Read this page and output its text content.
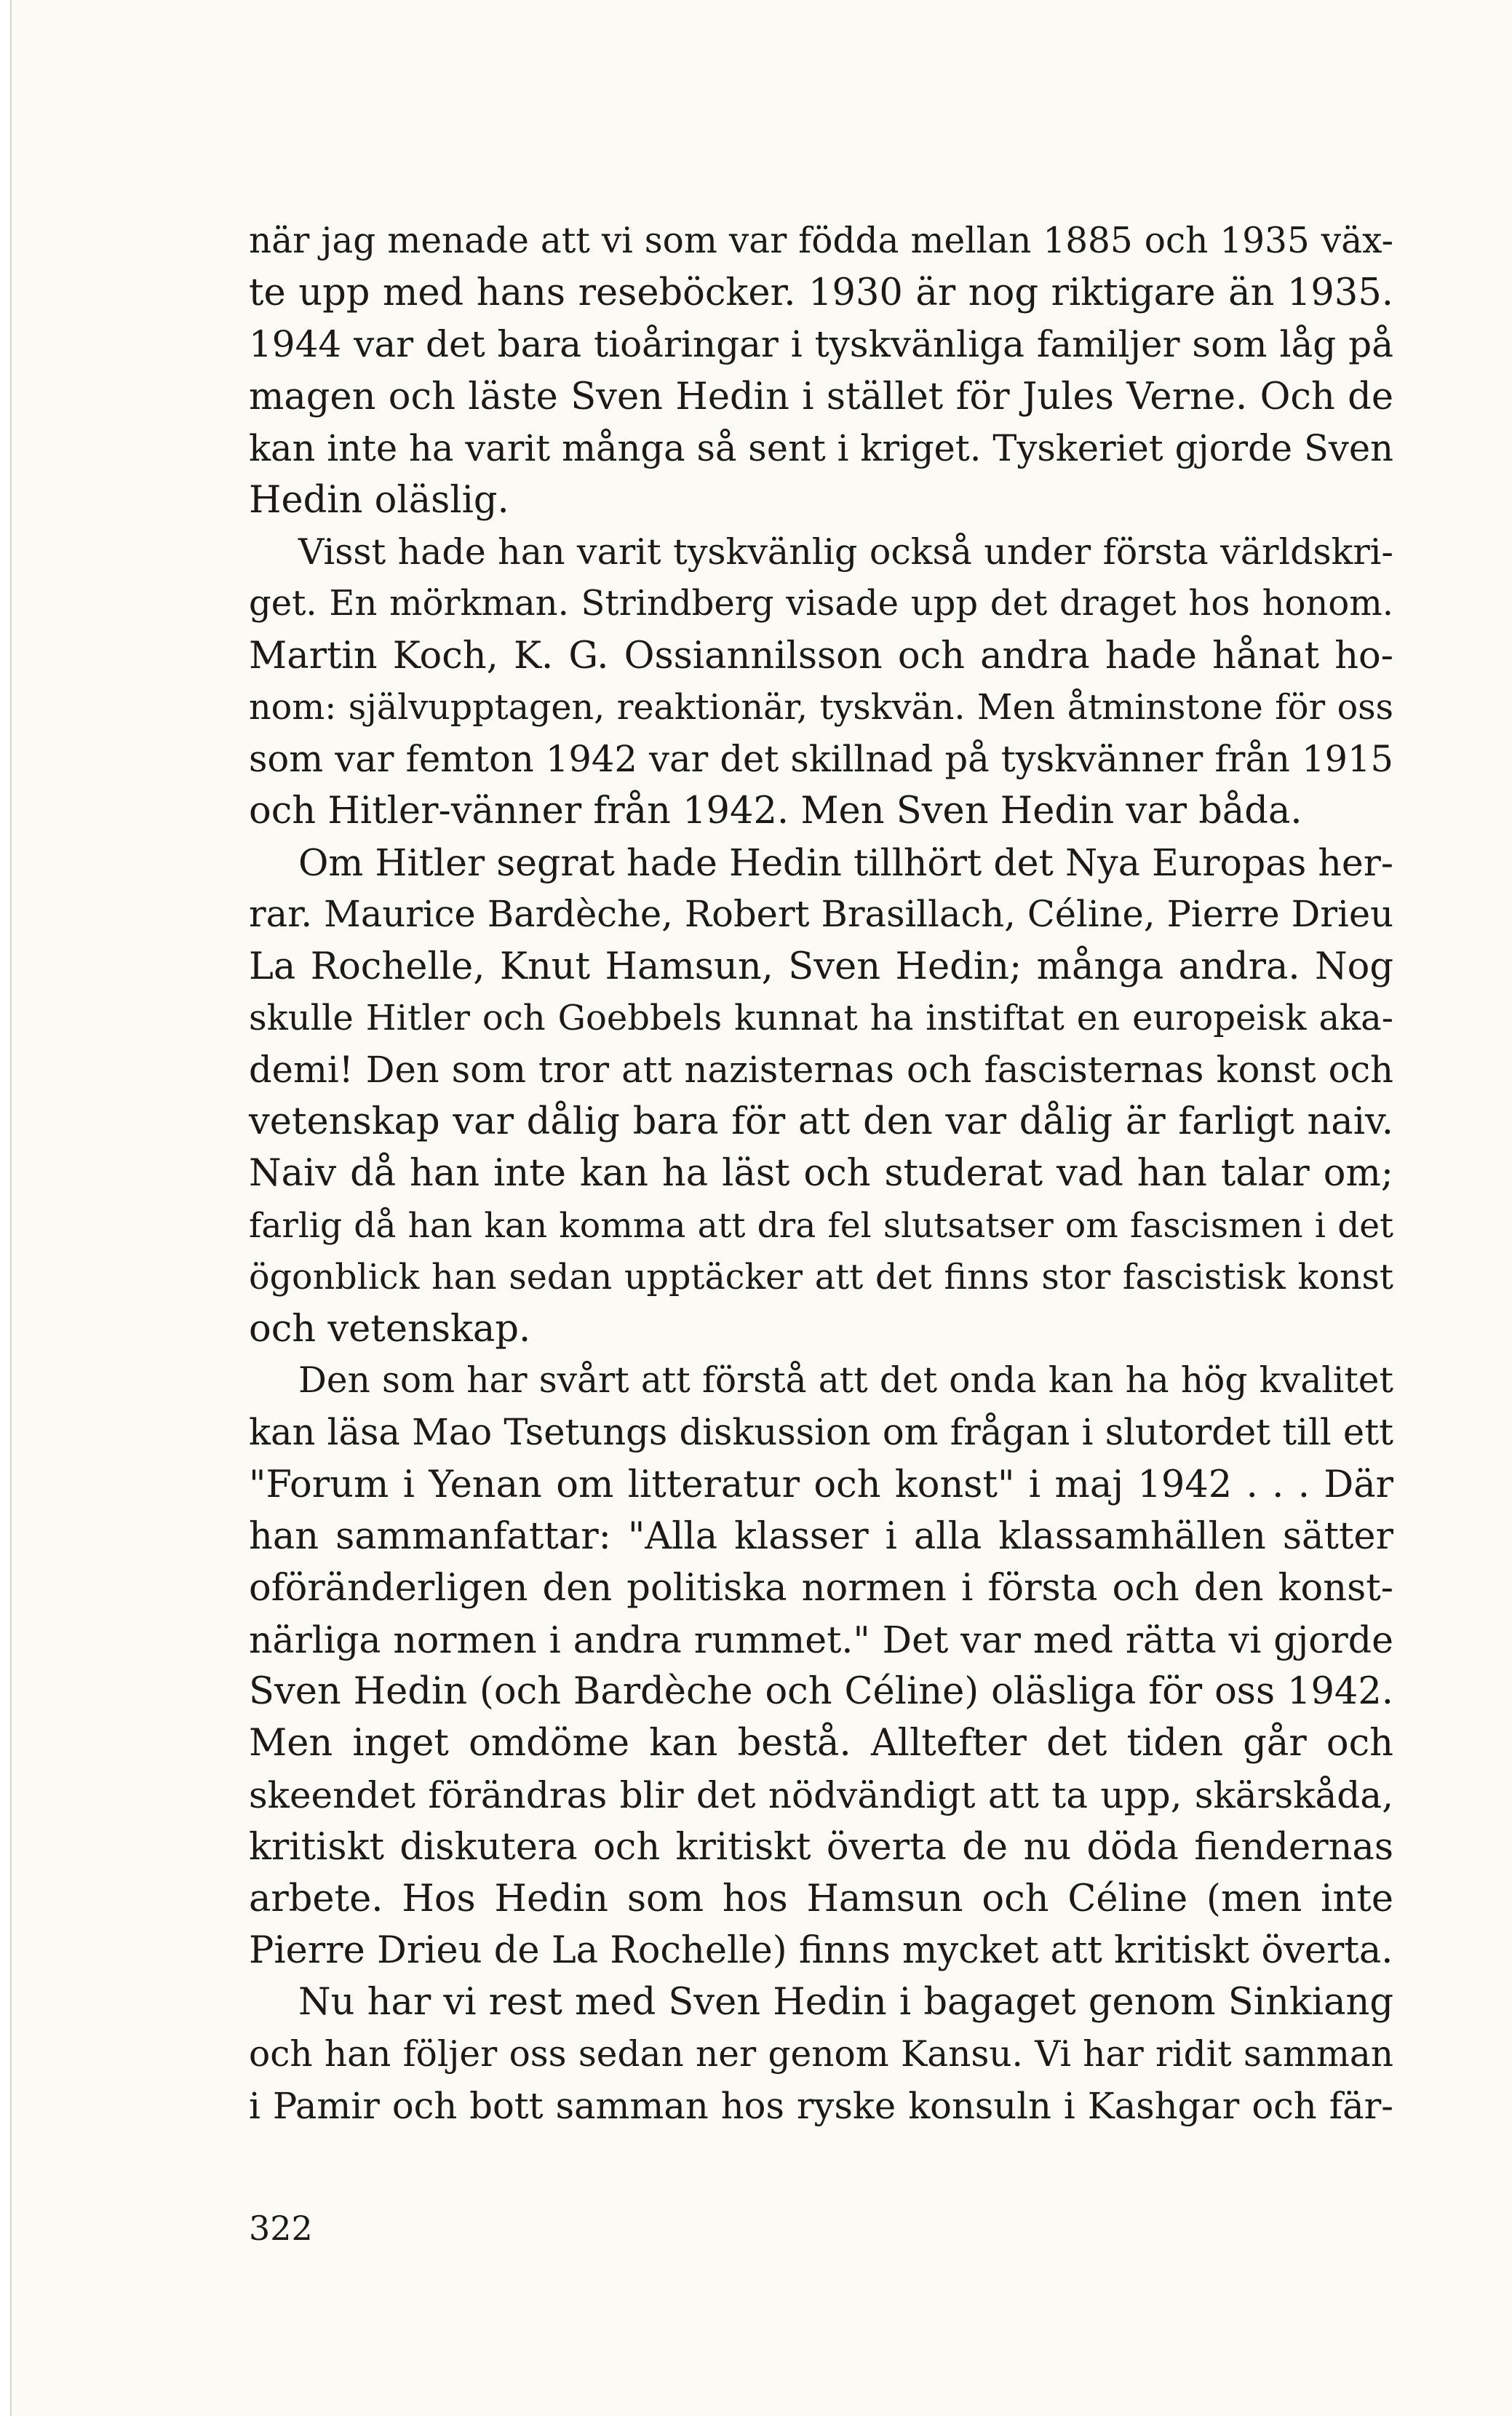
när jag menade att vi som var födda mellan 1885 och 1935 väx-
te upp med hans reseböcker. 1930 är nog riktigare än 1935.
1944 var det bara tioåringar i tyskvänliga familjer som låg på
magen och läste Sven Hedin i stället för Jules Verne. Och de
kan inte ha varit många så sent i kriget. Tyskeriet gjorde Sven
Hedin oläslig.
Visst hade han varit tyskvänlig också under första världskri-
get. En mörkman. Strindberg visade upp det draget hos honom.
Martin Koch, K. G. Ossiannilsson och andra hade hånat ho-
nom: självupptagen, reaktionär, tyskvän. Men åtminstone för oss
som var femton 1942 var det skillnad på tyskvänner från 1915
och Hitler-vänner från 1942. Men Sven Hedin var båda.
Om Hitler segrat hade Hedin tillhört det Nya Europas her-
rar. Maurice Bardèche, Robert Brasillach, Céline, Pierre Drieu
La Rochelle, Knut Hamsun, Sven Hedin; många andra. Nog
skulle Hitler och Goebbels kunnat ha instiftat en europeisk aka-
demi! Den som tror att nazisternas och fascisternas konst och
vetenskap var dålig bara för att den var dålig är farligt naiv.
Naiv då han inte kan ha läst och studerat vad han talar om;
farlig då han kan komma att dra fel slutsatser om fascismen i det
ögonblick han sedan upptäcker att det finns stor fascistisk konst
och vetenskap.
Den som har svårt att förstå att det onda kan ha hög kvalitet
kan läsa Mao Tsetungs diskussion om frågan i slutordet till ett
"Forum i Yenan om litteratur och konst" i maj 1942 . . . Där
han sammanfattar: "Alla klasser i alla klassamhällen sätter
oföränderligen den politiska normen i första och den konst-
närliga normen i andra rummet." Det var med rätta vi gjorde
Sven Hedin (och Bardèche och Céline) oläsliga för oss 1942.
Men inget omdöme kan bestå. Alltefter det tiden går och
skeendet förändras blir det nödvändigt att ta upp, skärskåda,
kritiskt diskutera och kritiskt överta de nu döda fiendernas
arbete. Hos Hedin som hos Hamsun och Céline (men inte
Pierre Drieu de La Rochelle) finns mycket att kritiskt överta.
Nu har vi rest med Sven Hedin i bagaget genom Sinkiang
och han följer oss sedan ner genom Kansu. Vi har ridit samman
i Pamir och bott samman hos ryske konsuln i Kashgar och fär-
322
